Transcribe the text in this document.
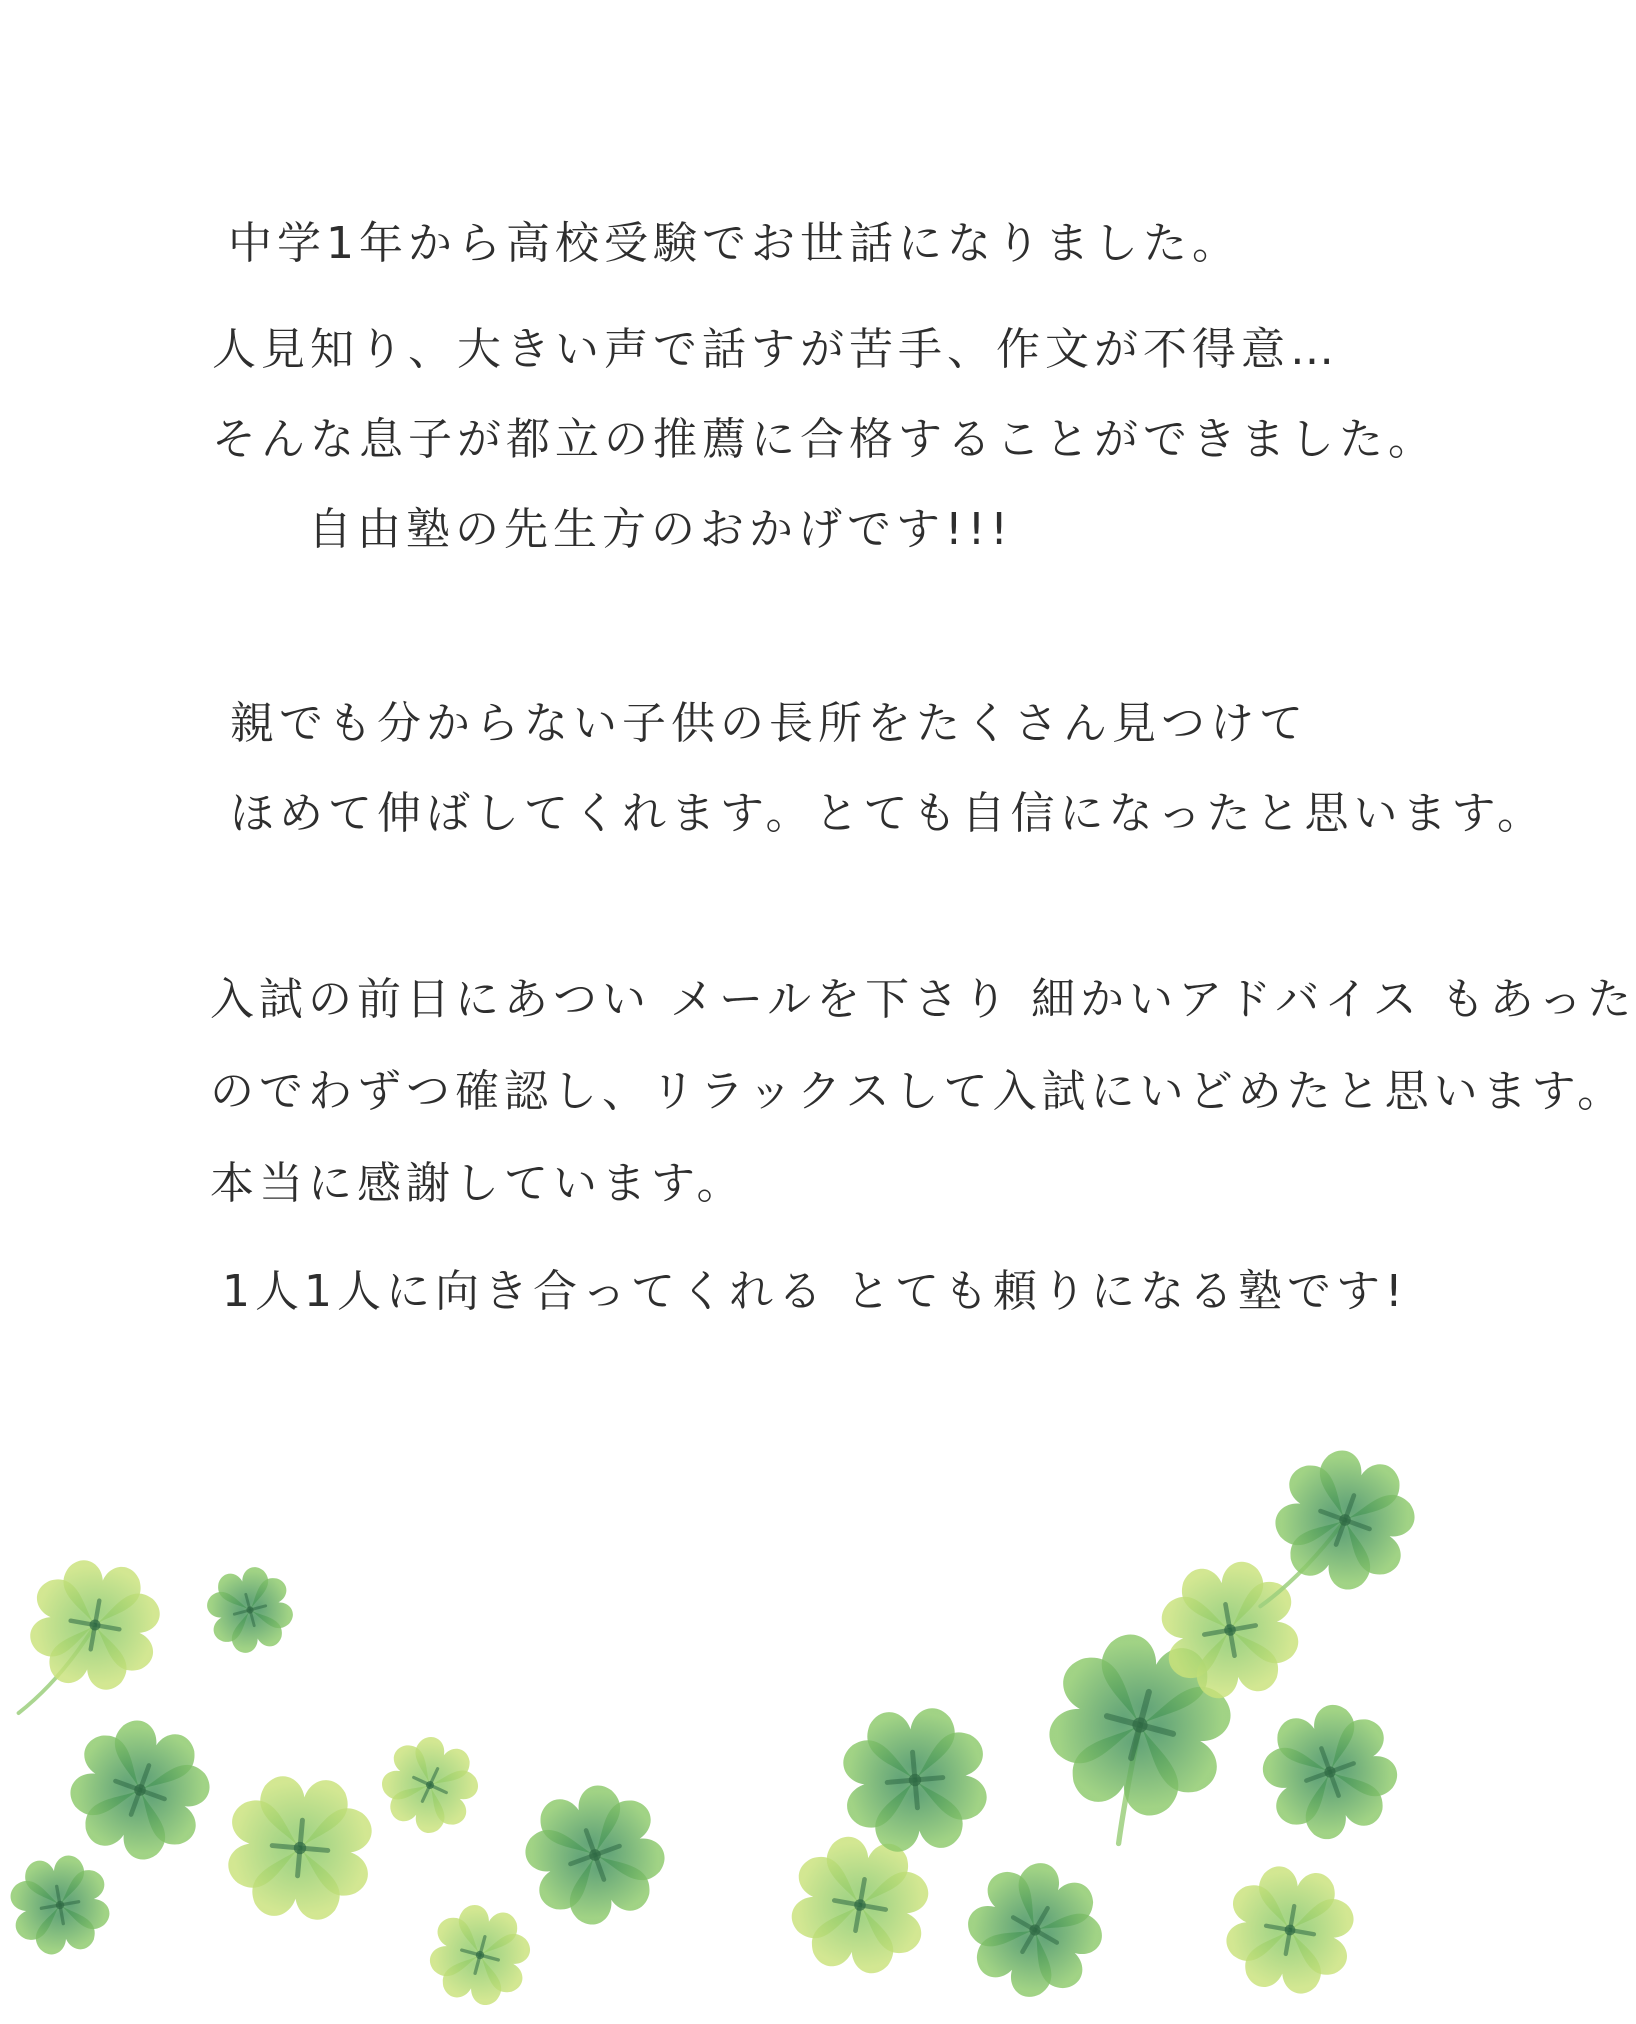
中学1年から高校受験でお世話になりました。
人見知り、大きい声で話すが苦手、作文が不得意…
そんな息子が都立の推薦に合格することができました。
自由塾の先生方のおかげです!!!
親でも分からない子供の長所をたくさん見つけて
ほめて伸ばしてくれます。とても自信になったと思います。
入試の前日にあつい メールを下さり 細かいアドバイス もあった
のでわずつ確認し、リラックスして入試にいどめたと思います。
本当に感謝しています。
1人1人に向き合ってくれる とても頼りになる塾です!
